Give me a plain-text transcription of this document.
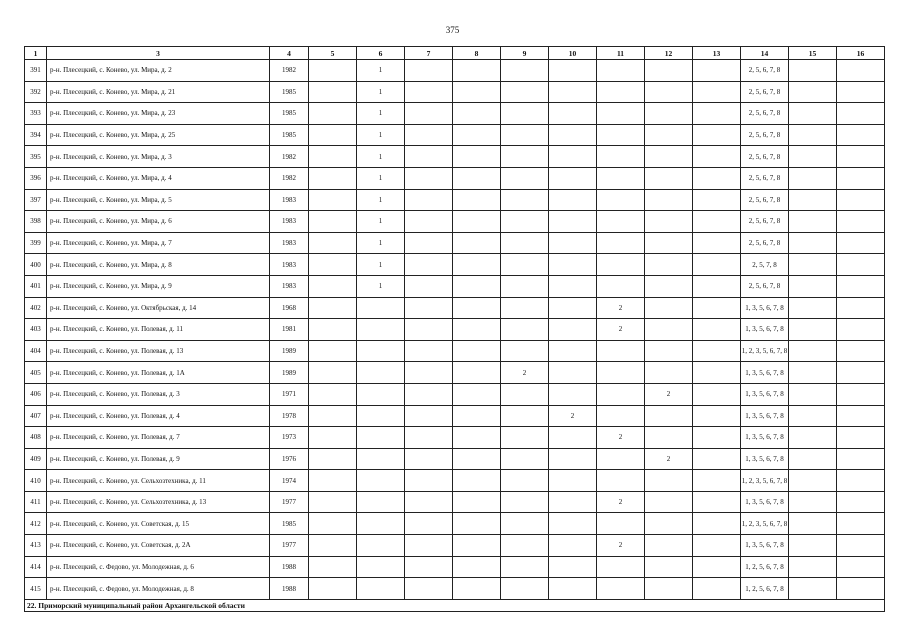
375
1	3	4	5	6	7	8	9	10	11	12	13	14	15	16
391	р-н. Плесецкий, с. Конево, ул. Мира, д. 2	1982		1								2, 5, 6, 7, 8		
392	р-н. Плесецкий, с. Конево, ул. Мира, д. 21	1985		1								2, 5, 6, 7, 8		
393	р-н. Плесецкий, с. Конево, ул. Мира, д. 23	1985		1								2, 5, 6, 7, 8		
394	р-н. Плесецкий, с. Конево, ул. Мира, д. 25	1985		1								2, 5, 6, 7, 8		
395	р-н. Плесецкий, с. Конево, ул. Мира, д. 3	1982		1								2, 5, 6, 7, 8		
396	р-н. Плесецкий, с. Конево, ул. Мира, д. 4	1982		1								2, 5, 6, 7, 8		
397	р-н. Плесецкий, с. Конево, ул. Мира, д. 5	1983		1								2, 5, 6, 7, 8		
398	р-н. Плесецкий, с. Конево, ул. Мира, д. 6	1983		1								2, 5, 6, 7, 8		
399	р-н. Плесецкий, с. Конево, ул. Мира, д. 7	1983		1								2, 5, 6, 7, 8		
400	р-н. Плесецкий, с. Конево, ул. Мира, д. 8	1983		1								2, 5, 7, 8		
401	р-н. Плесецкий, с. Конево, ул. Мира, д. 9	1983		1								2, 5, 6, 7, 8		
402	р-н. Плесецкий, с. Конево, ул. Октябрьская, д. 14	1968							2			1, 3, 5, 6, 7, 8		
403	р-н. Плесецкий, с. Конево, ул. Полевая, д. 11	1981							2			1, 3, 5, 6, 7, 8		
404	р-н. Плесецкий, с. Конево, ул. Полевая, д. 13	1989										1, 2, 3, 5, 6, 7, 8		
405	р-н. Плесецкий, с. Конево, ул. Полевая, д. 1А	1989					2					1, 3, 5, 6, 7, 8		
406	р-н. Плесецкий, с. Конево, ул. Полевая, д. 3	1971								2		1, 3, 5, 6, 7, 8		
407	р-н. Плесецкий, с. Конево, ул. Полевая, д. 4	1978						2				1, 3, 5, 6, 7, 8		
408	р-н. Плесецкий, с. Конево, ул. Полевая, д. 7	1973							2			1, 3, 5, 6, 7, 8		
409	р-н. Плесецкий, с. Конево, ул. Полевая, д. 9	1976								2		1, 3, 5, 6, 7, 8		
410	р-н. Плесецкий, с. Конево, ул. Сельхозтехника, д. 11	1974										1, 2, 3, 5, 6, 7, 8		
411	р-н. Плесецкий, с. Конево, ул. Сельхозтехника, д. 13	1977							2			1, 3, 5, 6, 7, 8		
412	р-н. Плесецкий, с. Конево, ул. Советская, д. 15	1985										1, 2, 3, 5, 6, 7, 8		
413	р-н. Плесецкий, с. Конево, ул. Советская, д. 2А	1977							2			1, 3, 5, 6, 7, 8		
414	р-н. Плесецкий, с. Федово, ул. Молодежная, д. 6	1988										1, 2, 5, 6, 7, 8		
415	р-н. Плесецкий, с. Федово, ул. Молодежная, д. 8	1988										1, 2, 5, 6, 7, 8		
22. Приморский муниципальный район Архангельской области														
